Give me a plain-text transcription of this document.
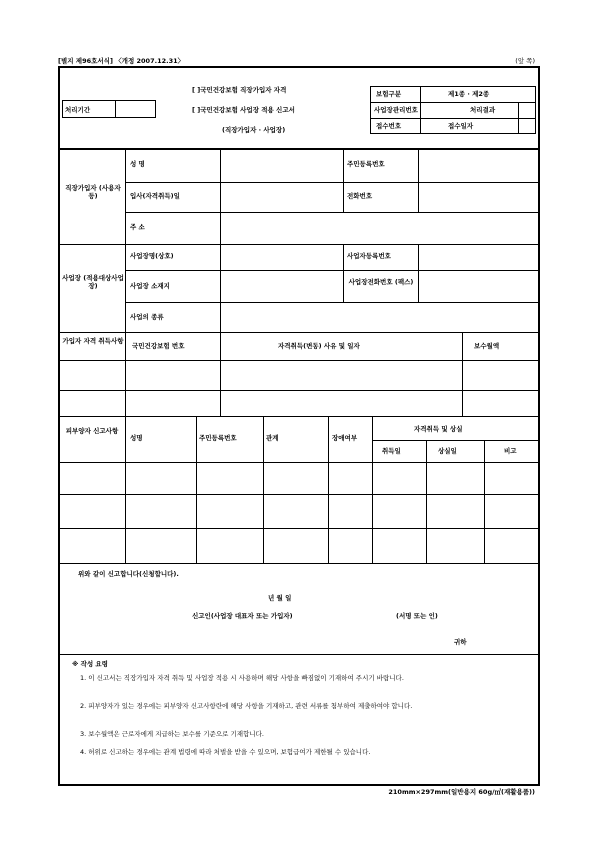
[별지 제96호서식] 〈개정 2007.12.31〉	(앞 쪽)
처리기간
[ ]국민건강보험 직장가입자 자격
[ ]국민건강보험 사업장 적용 신고서
(직장가입자 · 사업장)
보험구분	제1종 · 제2종
사업장관리번호	처리결과
접수번호	접수일자
직장가입자 (사용자 등)
성 명	주민등록번호
입사(자격취득)일	전화번호
주 소
사업장 (적용대상사업장)
사업장명(상호)	사업자등록번호
사업장 소재지	사업장전화번호 (팩스)
사업의 종류
가입자 자격 취득사항
국민건강보험 번호	자격취득(변동) 사유 및 일자	보수월액
피부양자 신고사항
성명	주민등록번호	관계	장애여부
자격취득 및 상실
취득일	상실일	비고
위와 같이 신고합니다(신청합니다).
년 월 일
신고인(사업장 대표자 또는 가입자)	(서명 또는 인)
귀하
※ 작성 요령
1. 이 신고서는 직장가입자 자격 취득 및 사업장 적용 시 사용하며 해당 사항을 빠짐없이 기재하여 주시기 바랍니다.
2. 피부양자가 있는 경우에는 피부양자 신고사항란에 해당 사항을 기재하고, 관련 서류를 첨부하여 제출하여야 합니다.
3. 보수월액은 근로자에게 지급하는 보수를 기준으로 기재합니다.
4. 허위로 신고하는 경우에는 관계 법령에 따라 처벌을 받을 수 있으며, 보험급여가 제한될 수 있습니다.
210mm×297mm(일반용지 60g/㎡(재활용품))
